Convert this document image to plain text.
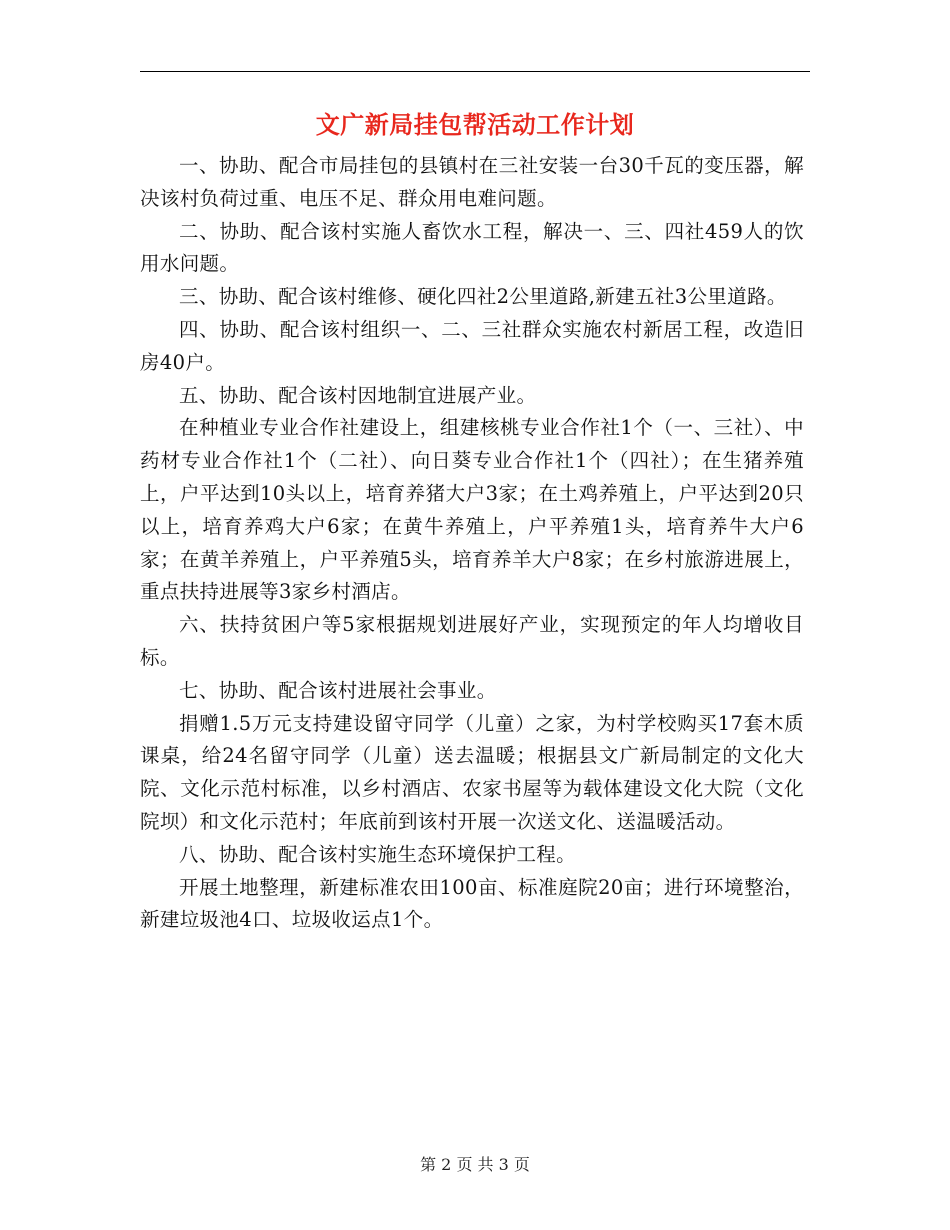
文广新局挂包帮活动工作计划

一、协助、配合市局挂包的县镇村在三社安装一台30千瓦的变压器，解决该村负荷过重、电压不足、群众用电难问题。

二、协助、配合该村实施人畜饮水工程，解决一、三、四社459人的饮用水问题。

三、协助、配合该村维修、硬化四社2公里道路,新建五社3公里道路。

四、协助、配合该村组织一、二、三社群众实施农村新居工程，改造旧房40户。

五、协助、配合该村因地制宜进展产业。

在种植业专业合作社建设上，组建核桃专业合作社1个（一、三社）、中药材专业合作社1个（二社）、向日葵专业合作社1个（四社）；在生猪养殖上，户平达到10头以上，培育养猪大户3家；在土鸡养殖上，户平达到20只以上，培育养鸡大户6家；在黄牛养殖上，户平养殖1头，培育养牛大户6家；在黄羊养殖上，户平养殖5头，培育养羊大户8家；在乡村旅游进展上，重点扶持进展等3家乡村酒店。

六、扶持贫困户等5家根据规划进展好产业，实现预定的年人均增收目标。

七、协助、配合该村进展社会事业。

捐赠1.5万元支持建设留守同学（儿童）之家，为村学校购买17套木质课桌，给24名留守同学（儿童）送去温暖；根据县文广新局制定的文化大院、文化示范村标准，以乡村酒店、农家书屋等为载体建设文化大院（文化院坝）和文化示范村；年底前到该村开展一次送文化、送温暖活动。

八、协助、配合该村实施生态环境保护工程。

开展土地整理，新建标准农田100亩、标准庭院20亩；进行环境整治，新建垃圾池4口、垃圾收运点1个。

第 2 页 共 3 页
